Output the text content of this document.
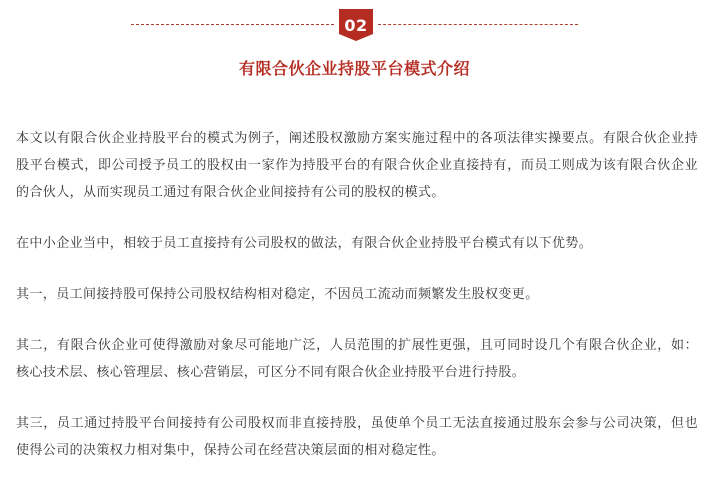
02
有限合伙企业持股平台模式介绍

本文以有限合伙企业持股平台的模式为例子，阐述股权激励方案实施过程中的各项法律实操要点。有限合伙企业持股平台模式，即公司授予员工的股权由一家作为持股平台的有限合伙企业直接持有，而员工则成为该有限合伙企业的合伙人，从而实现员工通过有限合伙企业间接持有公司的股权的模式。

在中小企业当中，相较于员工直接持有公司股权的做法，有限合伙企业持股平台模式有以下优势。

其一，员工间接持股可保持公司股权结构相对稳定，不因员工流动而频繁发生股权变更。

其二，有限合伙企业可使得激励对象尽可能地广泛，人员范围的扩展性更强，且可同时设几个有限合伙企业，如：核心技术层、核心管理层、核心营销层，可区分不同有限合伙企业持股平台进行持股。

其三，员工通过持股平台间接持有公司股权而非直接持股，虽使单个员工无法直接通过股东会参与公司决策，但也使得公司的决策权力相对集中，保持公司在经营决策层面的相对稳定性。
